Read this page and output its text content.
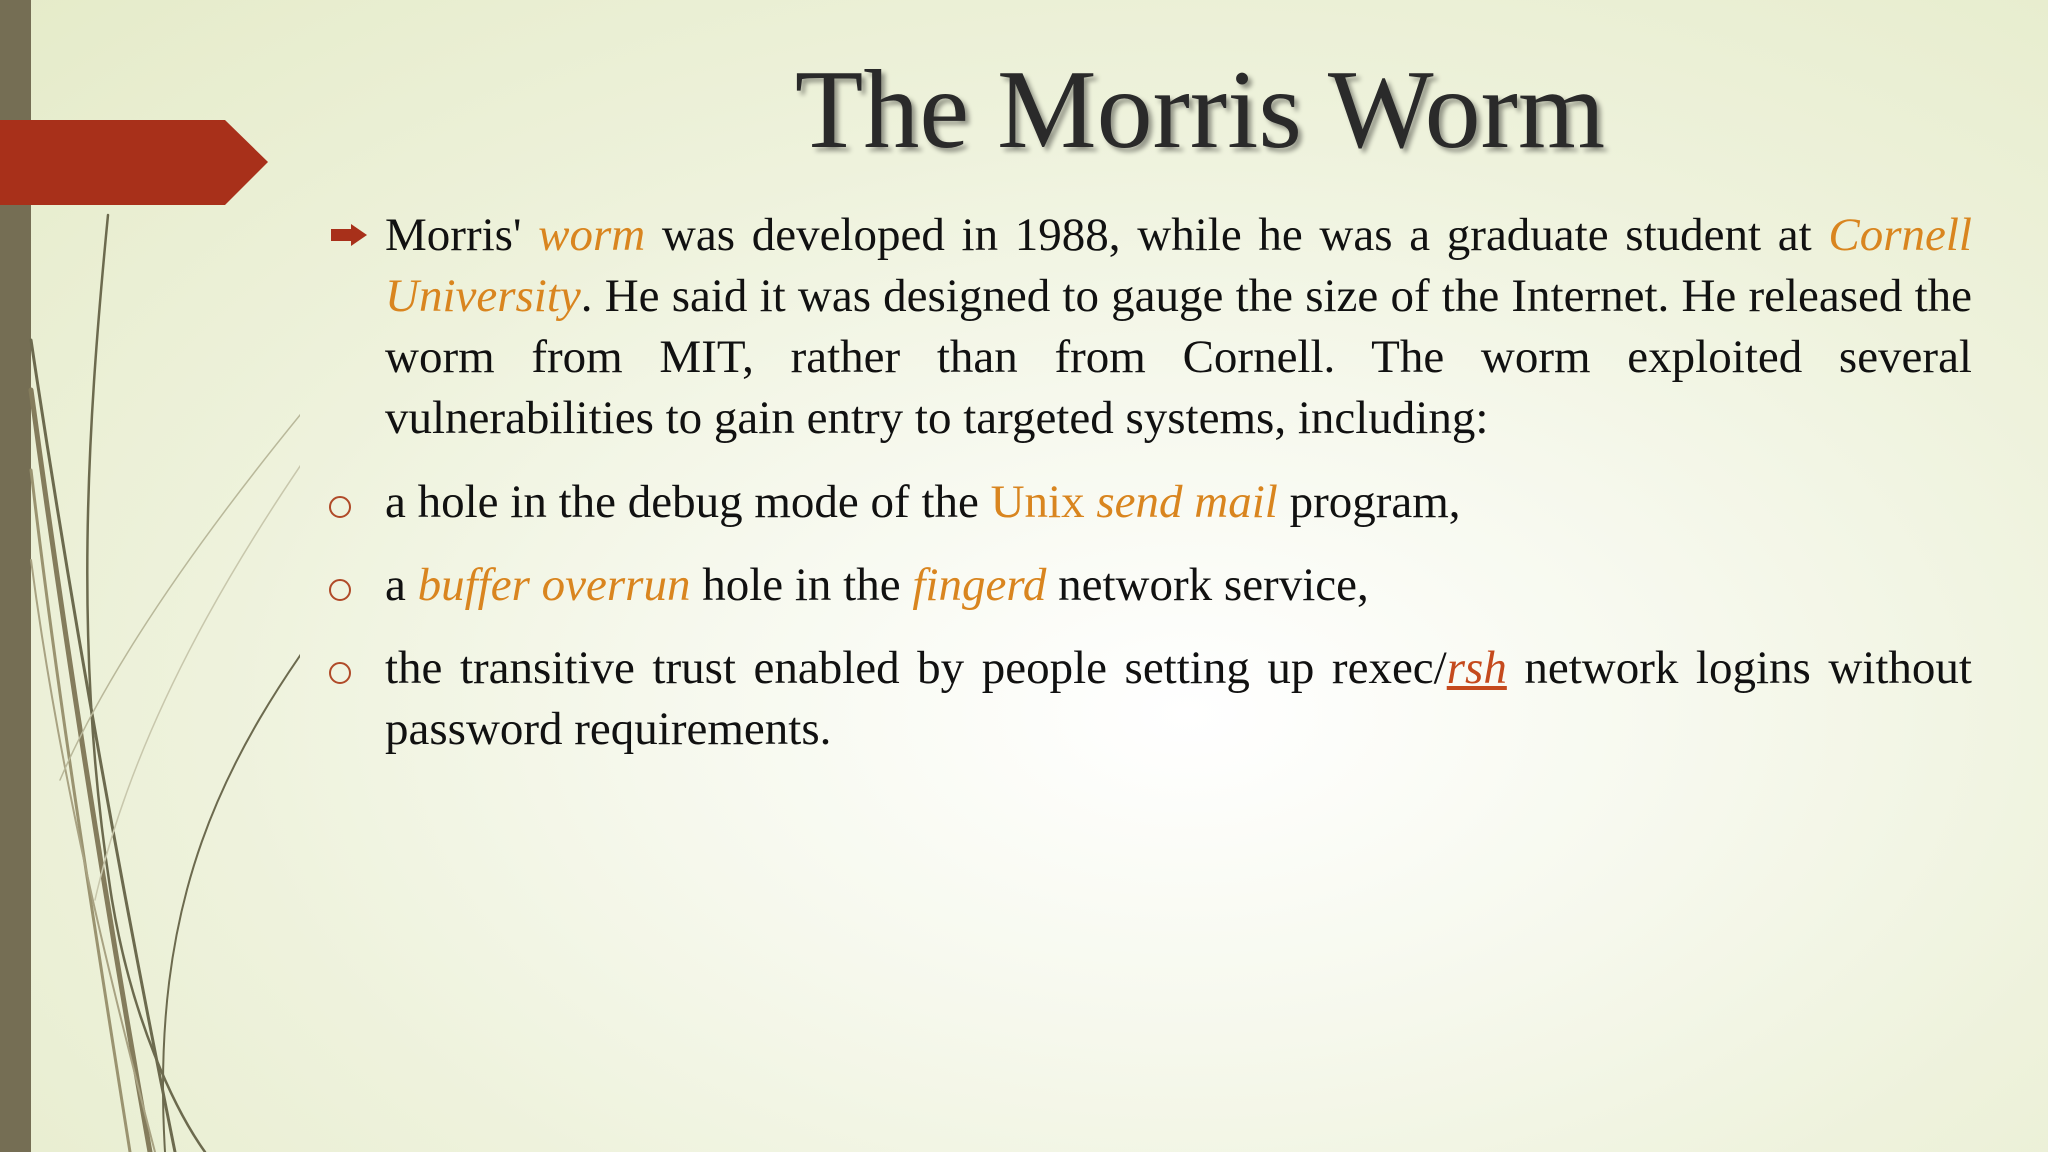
The Morris Worm

Morris' worm was developed in 1988, while he was a graduate student at Cornell University. He said it was designed to gauge the size of the Internet. He released the worm from MIT, rather than from Cornell. The worm exploited several vulnerabilities to gain entry to targeted systems, including:

a hole in the debug mode of the Unix send mail program,

a buffer overrun hole in the fingerd network service,

the transitive trust enabled by people setting up rexec/rsh network logins without password requirements.
